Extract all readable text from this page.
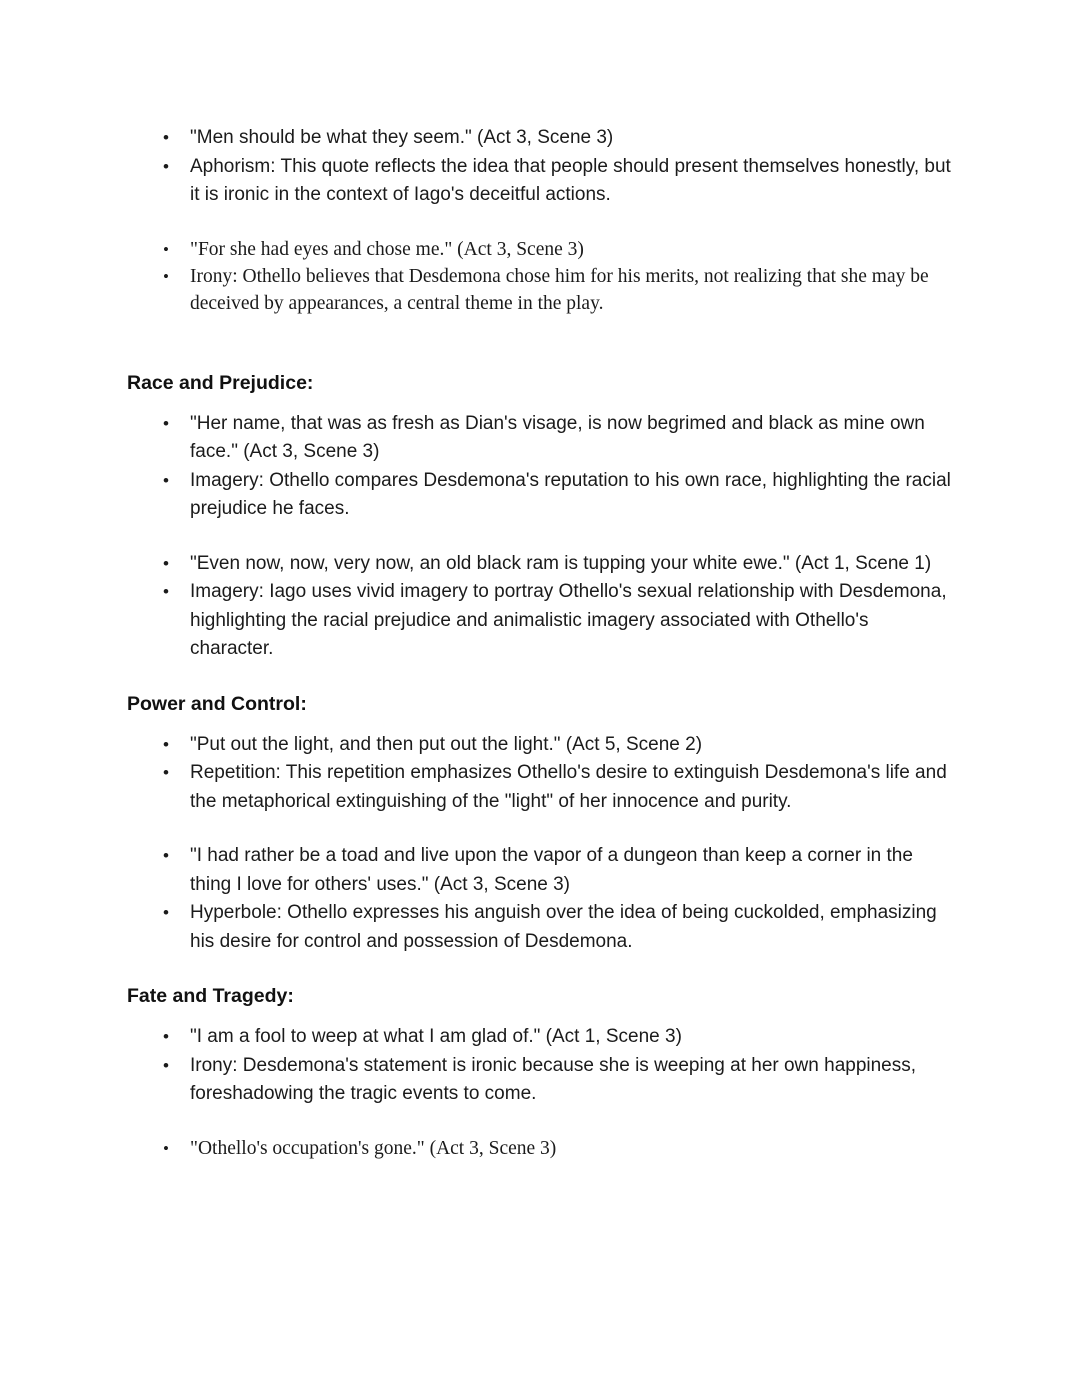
•	"Men should be what they seem." (Act 3, Scene 3)
•	Aphorism: This quote reflects the idea that people should present themselves honestly, but it is ironic in the context of Iago's deceitful actions.
•	"For she had eyes and chose me." (Act 3, Scene 3)
•	Irony: Othello believes that Desdemona chose him for his merits, not realizing that she may be deceived by appearances, a central theme in the play.
Race and Prejudice:
•	"Her name, that was as fresh as Dian's visage, is now begrimed and black as mine own face." (Act 3, Scene 3)
•	Imagery: Othello compares Desdemona's reputation to his own race, highlighting the racial prejudice he faces.
•	"Even now, now, very now, an old black ram is tupping your white ewe." (Act 1, Scene 1)
•	Imagery: Iago uses vivid imagery to portray Othello's sexual relationship with Desdemona, highlighting the racial prejudice and animalistic imagery associated with Othello's character.
Power and Control:
•	"Put out the light, and then put out the light." (Act 5, Scene 2)
•	Repetition: This repetition emphasizes Othello's desire to extinguish Desdemona's life and the metaphorical extinguishing of the "light" of her innocence and purity.
•	"I had rather be a toad and live upon the vapor of a dungeon than keep a corner in the thing I love for others' uses." (Act 3, Scene 3)
•	Hyperbole: Othello expresses his anguish over the idea of being cuckolded, emphasizing his desire for control and possession of Desdemona.
Fate and Tragedy:
•	"I am a fool to weep at what I am glad of." (Act 1, Scene 3)
•	Irony: Desdemona's statement is ironic because she is weeping at her own happiness, foreshadowing the tragic events to come.
•	"Othello's occupation's gone." (Act 3, Scene 3)
